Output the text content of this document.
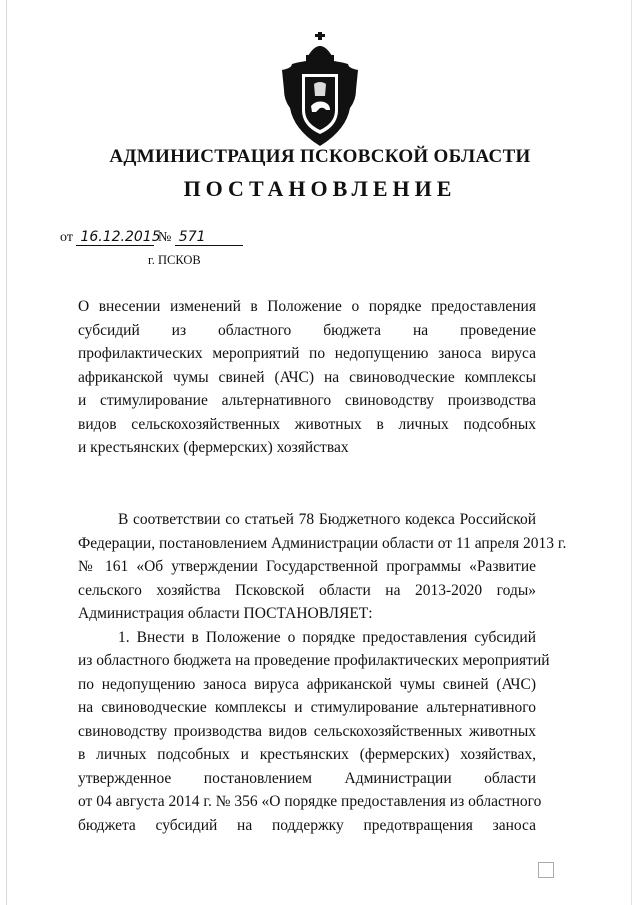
АДМИНИСТРАЦИЯ ПСКОВСКОЙ ОБЛАСТИ
ПОСТАНОВЛЕНИЕ
от 16.12.2015 № 571
г. ПСКОВ
О внесении изменений в Положение о порядке предоставления
субсидий из областного бюджета на проведение
профилактических мероприятий по недопущению заноса вируса
африканской чумы свиней (АЧС) на свиноводческие комплексы
и стимулирование альтернативного свиноводству производства
видов сельскохозяйственных животных в личных подсобных
и крестьянских (фермерских) хозяйствах
В соответствии со статьей 78 Бюджетного кодекса Российской
Федерации, постановлением Администрации области от 11 апреля 2013 г.
№ 161 «Об утверждении Государственной программы «Развитие
сельского хозяйства Псковской области на 2013-2020 годы»
Администрация области ПОСТАНОВЛЯЕТ:
1. Внести в Положение о порядке предоставления субсидий
из областного бюджета на проведение профилактических мероприятий
по недопущению заноса вируса африканской чумы свиней (АЧС)
на свиноводческие комплексы и стимулирование альтернативного
свиноводству производства видов сельскохозяйственных животных
в личных подсобных и крестьянских (фермерских) хозяйствах,
утвержденное постановлением Администрации области
от 04 августа 2014 г. № 356 «О порядке предоставления из областного
бюджета субсидий на поддержку предотвращения заноса
